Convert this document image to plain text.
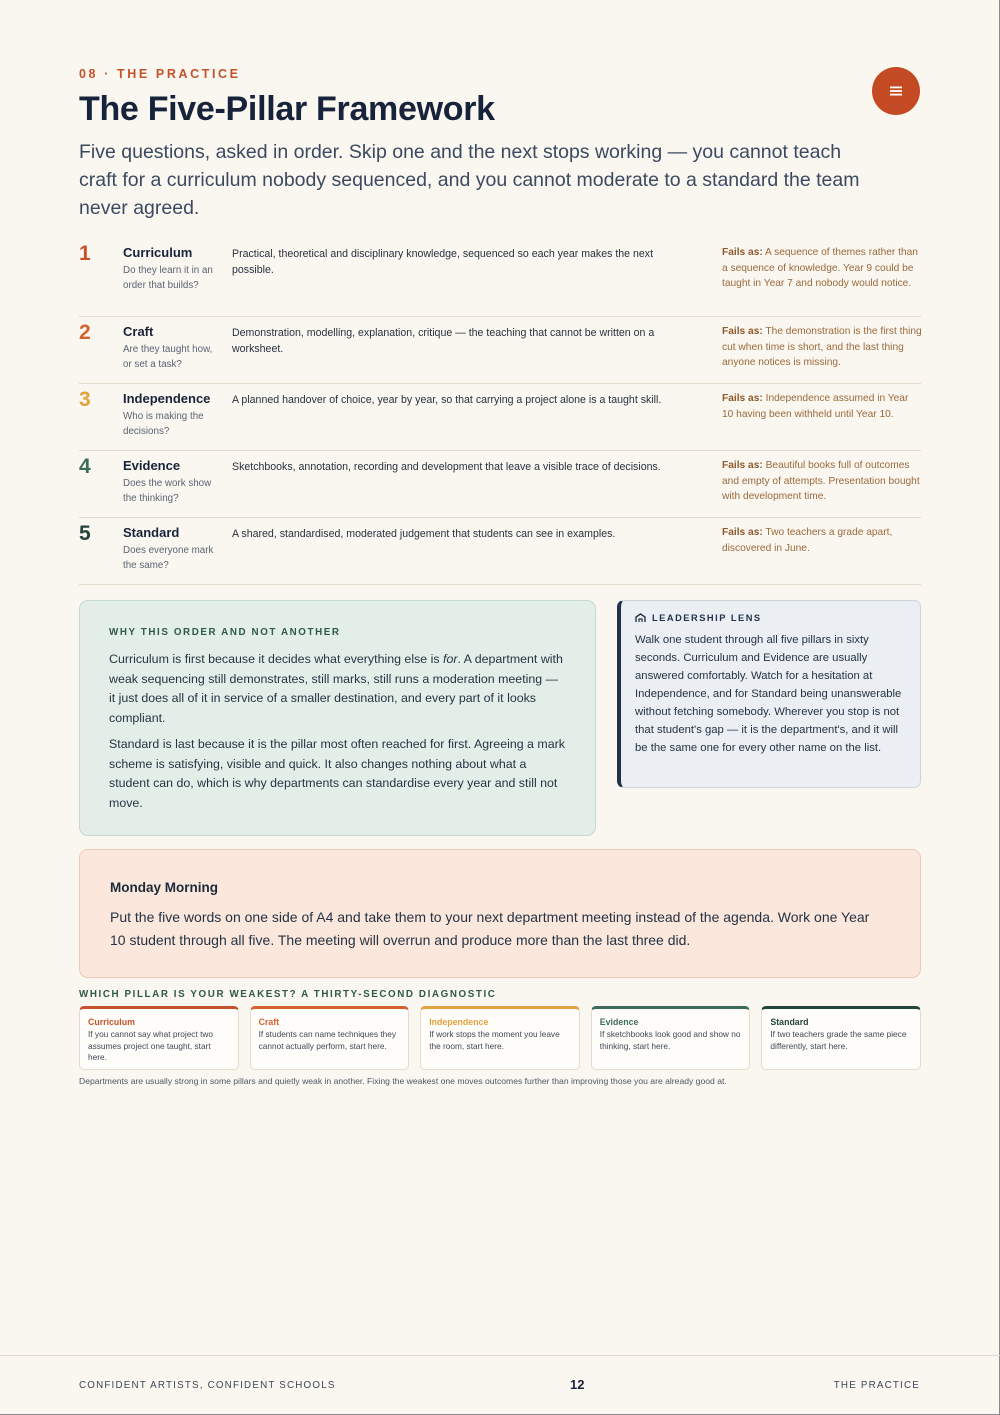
08 · THE PRACTICE
The Five-Pillar Framework

Five questions, asked in order. Skip one and the next stops working — you cannot teach craft for a curriculum nobody sequenced, and you cannot moderate to a standard the team never agreed.

1 Curriculum
Do they learn it in an order that builds?
Practical, theoretical and disciplinary knowledge, sequenced so each year makes the next possible.
Fails as: A sequence of themes rather than a sequence of knowledge. Year 9 could be taught in Year 7 and nobody would notice.
2 Craft
Are they taught how, or set a task?
Demonstration, modelling, explanation, critique — the teaching that cannot be written on a worksheet.
Fails as: The demonstration is the first thing cut when time is short, and the last thing anyone notices is missing.
3 Independence
Who is making the decisions?
A planned handover of choice, year by year, so that carrying a project alone is a taught skill.	Fails as: Independence assumed in Year 10 having been withheld until Year 10.
4 Evidence
Does the work show the thinking?
Sketchbooks, annotation, recording and development that leave a visible trace of decisions.	Fails as: Beautiful books full of outcomes and empty of attempts. Presentation bought with development time.
5 Standard
Does everyone mark the same?
A shared, standardised, moderated judgement that students can see in examples.	Fails as: Two teachers a grade apart, discovered in June.
WHY THIS ORDER AND NOT ANOTHER

Curriculum is first because it decides what everything else is for. A department with weak sequencing still demonstrates, still marks, still runs a moderation meeting — it just does all of it in service of a smaller destination, and every part of it looks compliant.

Standard is last because it is the pillar most often reached for first. Agreeing a mark scheme is satisfying, visible and quick. It also changes nothing about what a student can do, which is why departments can standardise every year and still not move.

LEADERSHIP LENS

Walk one student through all five pillars in sixty seconds. Curriculum and Evidence are usually answered comfortably. Watch for a hesitation at Independence, and for Standard being unanswerable without fetching somebody. Wherever you stop is not that student's gap — it is the department's, and it will be the same one for every other name on the list.

Monday Morning

Put the five words on one side of A4 and take them to your next department meeting instead of the agenda. Work one Year 10 student through all five. The meeting will overrun and produce more than the last three did.

WHICH PILLAR IS YOUR WEAKEST? A THIRTY-SECOND DIAGNOSTIC
Curriculum
If you cannot say what project two assumes project one taught, start here.
Craft
If students can name techniques they cannot actually perform, start here.
Independence
If work stops the moment you leave the room, start here.
Evidence
If sketchbooks look good and show no thinking, start here.
Standard
If two teachers grade the same piece differently, start here.
Departments are usually strong in some pillars and quietly weak in another. Fixing the weakest one moves outcomes further than improving those you are already good at.
CONFIDENT ARTISTS, CONFIDENT SCHOOLS	12	THE PRACTICE
